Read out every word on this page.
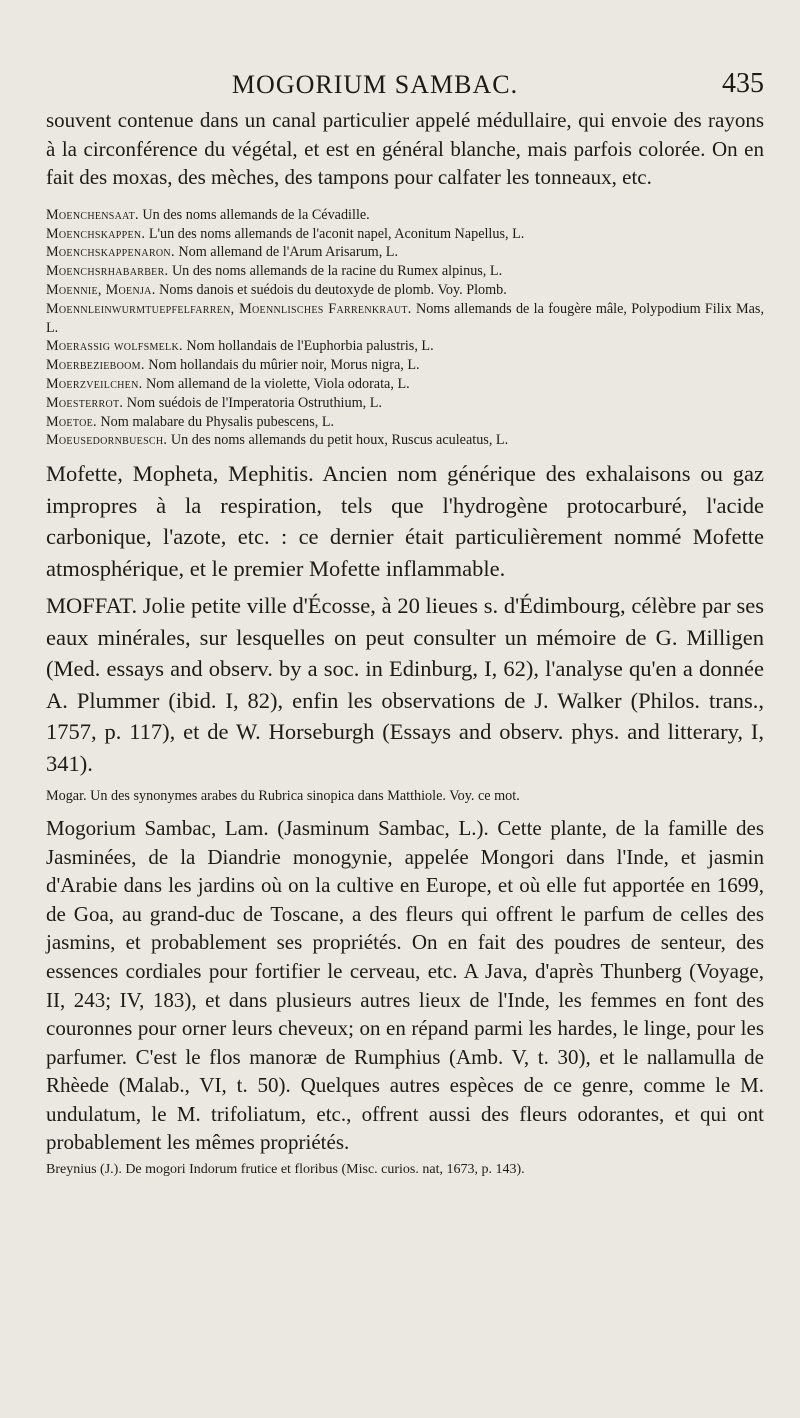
MOGORIUM SAMBAC.	435

souvent contenue dans un canal particulier appelé médullaire, qui envoie des rayons à la circonférence du végétal, et est en général blanche, mais parfois colorée. On en fait des moxas, des mèches, des tampons pour calfater les tonneaux, etc.

Moenchensaat. Un des noms allemands de la Cévadille.

Moenchskappen. L'un des noms allemands de l'aconit napel, Aconitum Napellus, L.

Moenchskappenaron. Nom allemand de l'Arum Arisarum, L.

Moenchsrhabarber. Un des noms allemands de la racine du Rumex alpinus, L.

Moennie, Moenja. Noms danois et suédois du deutoxyde de plomb. Voy. Plomb.

Moennleinwurmtuepfelfarren, Moennlisches Farrenkraut. Noms allemands de la fougère mâle, Polypodium Filix Mas, L.

Moerassig wolfsmelk. Nom hollandais de l'Euphorbia palustris, L.

Moerbezieboom. Nom hollandais du mûrier noir, Morus nigra, L.

Moerzveilchen. Nom allemand de la violette, Viola odorata, L.

Moesterrot. Nom suédois de l'Imperatoria Ostruthium, L.

Moetoe. Nom malabare du Physalis pubescens, L.

Moeusedornbuesch. Un des noms allemands du petit houx, Ruscus aculeatus, L.

Mofette, Mopheta, Mephitis. Ancien nom générique des exhalaisons ou gaz impropres à la respiration, tels que l'hydrogène protocarburé, l'acide carbonique, l'azote, etc. : ce dernier était particulièrement nommé Mofette atmosphérique, et le premier Mofette inflammable.

MOFFAT. Jolie petite ville d'Écosse, à 20 lieues s. d'Édimbourg, célèbre par ses eaux minérales, sur lesquelles on peut consulter un mémoire de G. Milligen (Med. essays and observ. by a soc. in Edinburg, I, 62), l'analyse qu'en a donnée A. Plummer (ibid. I, 82), enfin les observations de J. Walker (Philos. trans., 1757, p. 117), et de W. Horseburgh (Essays and observ. phys. and litterary, I, 341).

Mogar. Un des synonymes arabes du Rubrica sinopica dans Matthiole. Voy. ce mot.

Mogorium Sambac, Lam. (Jasminum Sambac, L.). Cette plante, de la famille des Jasminées, de la Diandrie monogynie, appelée Mongori dans l'Inde, et jasmin d'Arabie dans les jardins où on la cultive en Europe, et où elle fut apportée en 1699, de Goa, au grand-duc de Toscane, a des fleurs qui offrent le parfum de celles des jasmins, et probablement ses propriétés. On en fait des poudres de senteur, des essences cordiales pour fortifier le cerveau, etc. A Java, d'après Thunberg (Voyage, II, 243; IV, 183), et dans plusieurs autres lieux de l'Inde, les femmes en font des couronnes pour orner leurs cheveux; on en répand parmi les hardes, le linge, pour les parfumer. C'est le flos manoræ de Rumphius (Amb. V, t. 30), et le nallamulla de Rhèede (Malab., VI, t. 50). Quelques autres espèces de ce genre, comme le M. undulatum, le M. trifoliatum, etc., offrent aussi des fleurs odorantes, et qui ont probablement les mêmes propriétés.

Breynius (J.). De mogori Indorum frutice et floribus (Misc. curios. nat, 1673, p. 143).
